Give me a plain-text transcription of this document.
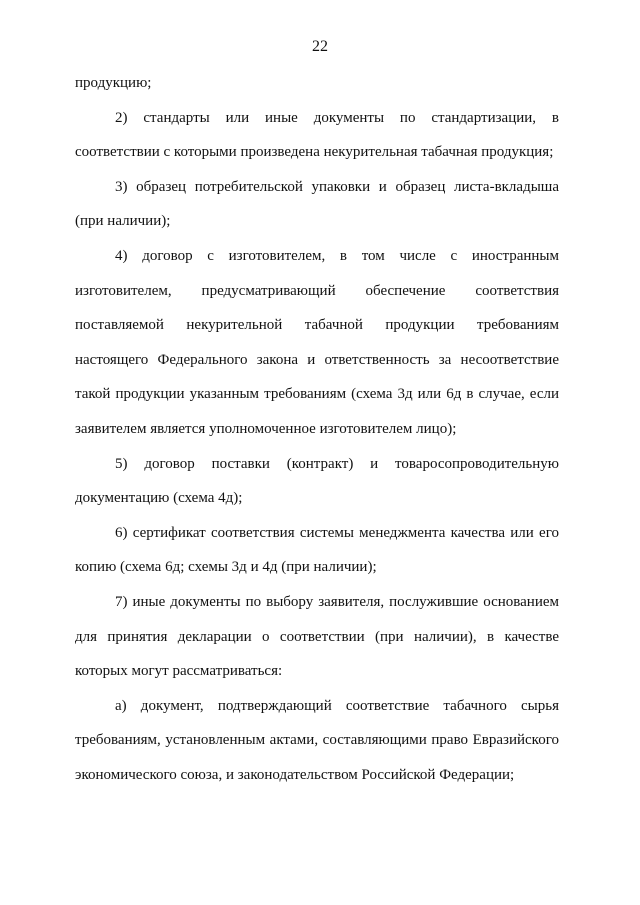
22

продукцию;

2) стандарты или иные документы по стандартизации, в соответствии с которыми произведена некурительная табачная продукция;

3) образец потребительской упаковки и образец листа-вкладыша (при наличии);

4) договор с изготовителем, в том числе с иностранным изготовителем, предусматривающий обеспечение соответствия поставляемой некурительной табачной продукции требованиям настоящего Федерального закона и ответственность за несоответствие такой продукции указанным требованиям (схема 3д или 6д в случае, если заявителем является уполномоченное изготовителем лицо);

5) договор поставки (контракт) и товаросопроводительную документацию (схема 4д);

6) сертификат соответствия системы менеджмента качества или его копию (схема 6д; схемы 3д и 4д (при наличии);

7) иные документы по выбору заявителя, послужившие основанием для принятия декларации о соответствии (при наличии), в качестве которых могут рассматриваться:

а) документ, подтверждающий соответствие табачного сырья требованиям, установленным актами, составляющими право Евразийского экономического союза, и законодательством Российской Федерации;
